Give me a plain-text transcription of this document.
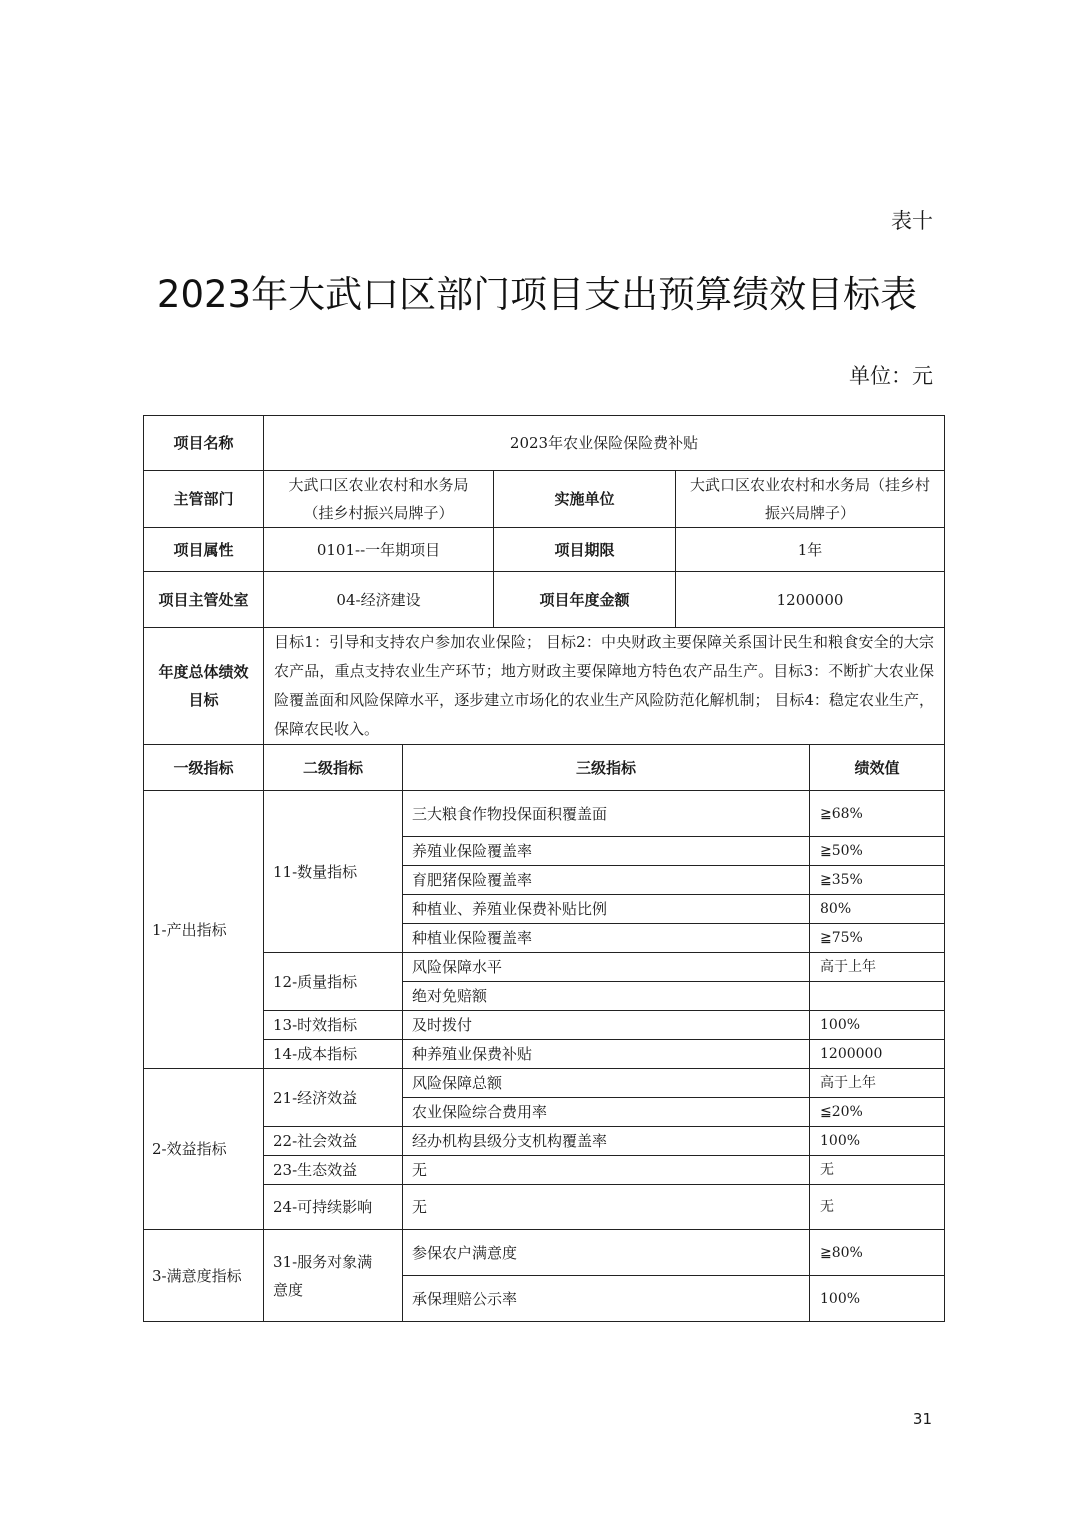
表十
2023年大武口区部门项目支出预算绩效目标表
单位：元
项目名称	2023年农业保险保险费补贴				
主管部门	大武口区农业农村和水务局（挂乡村振兴局牌子）		实施单位	大武口区农业农村和水务局（挂乡村振兴局牌子）	
项目属性	0101--一年期项目		项目期限	1年	
项目主管处室	04-经济建设		项目年度金额	1200000	
年度总体绩效目标	目标1：引导和支持农户参加农业保险； 目标2：中央财政主要保障关系国计民生和粮食安全的大宗农产品，重点支持农业生产环节；地方财政主要保障地方特色农产品生产。目标3：不断扩大农业保险覆盖面和风险保障水平，逐步建立市场化的农业生产风险防范化解机制； 目标4：稳定农业生产，保障农民收入。				
一级指标	二级指标	三级指标			绩效值
1-产出指标	11-数量指标	三大粮食作物投保面积覆盖面			≧68%
		养殖业保险覆盖率			≧50%
		育肥猪保险覆盖率			≧35%
		种植业、养殖业保费补贴比例			80%
		种植业保险覆盖率			≧75%
	12-质量指标	风险保障水平			高于上年
		绝对免赔额			
	13-时效指标	及时拨付			100%
	14-成本指标	种养殖业保费补贴			1200000
2-效益指标	21-经济效益	风险保障总额			高于上年
		农业保险综合费用率			≦20%
	22-社会效益	经办机构县级分支机构覆盖率			100%
	23-生态效益	无			无
	24-可持续影响	无			无
3-满意度指标	31-服务对象满意度	参保农户满意度			≧80%
		承保理赔公示率			100%
31
